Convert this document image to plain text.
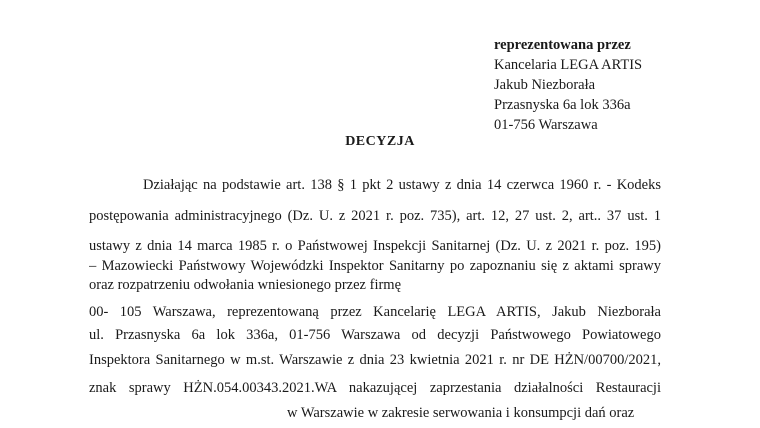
reprezentowana przez
Kancelaria LEGA ARTIS
Jakub Niezborała
Przasnyska 6a lok 336a
01-756 Warszawa
DECYZJA
Działając na podstawie art. 138 § 1 pkt 2 ustawy z dnia 14 czerwca 1960 r. - Kodeks
postępowania administracyjnego (Dz. U. z 2021 r. poz. 735), art. 12, 27 ust. 2, art.. 37 ust. 1
ustawy z dnia 14 marca 1985 r. o Państwowej Inspekcji Sanitarnej (Dz. U. z 2021 r. poz. 195)
– Mazowiecki Państwowy Wojewódzki Inspektor Sanitarny po zapoznaniu się z aktami sprawy
oraz rozpatrzeniu odwołania wniesionego przez firmę
00- 105 Warszawa, reprezentowaną przez Kancelarię LEGA ARTIS, Jakub Niezborała
ul. Przasnyska 6a lok 336a, 01-756 Warszawa od decyzji Państwowego Powiatowego
Inspektora Sanitarnego w m.st. Warszawie z dnia 23 kwietnia 2021 r. nr DE HŻN/00700/2021,
znak sprawy HŻN.054.00343.2021.WA nakazującej zaprzestania działalności Restauracji
w Warszawie w zakresie serwowania i konsumpcji dań oraz
